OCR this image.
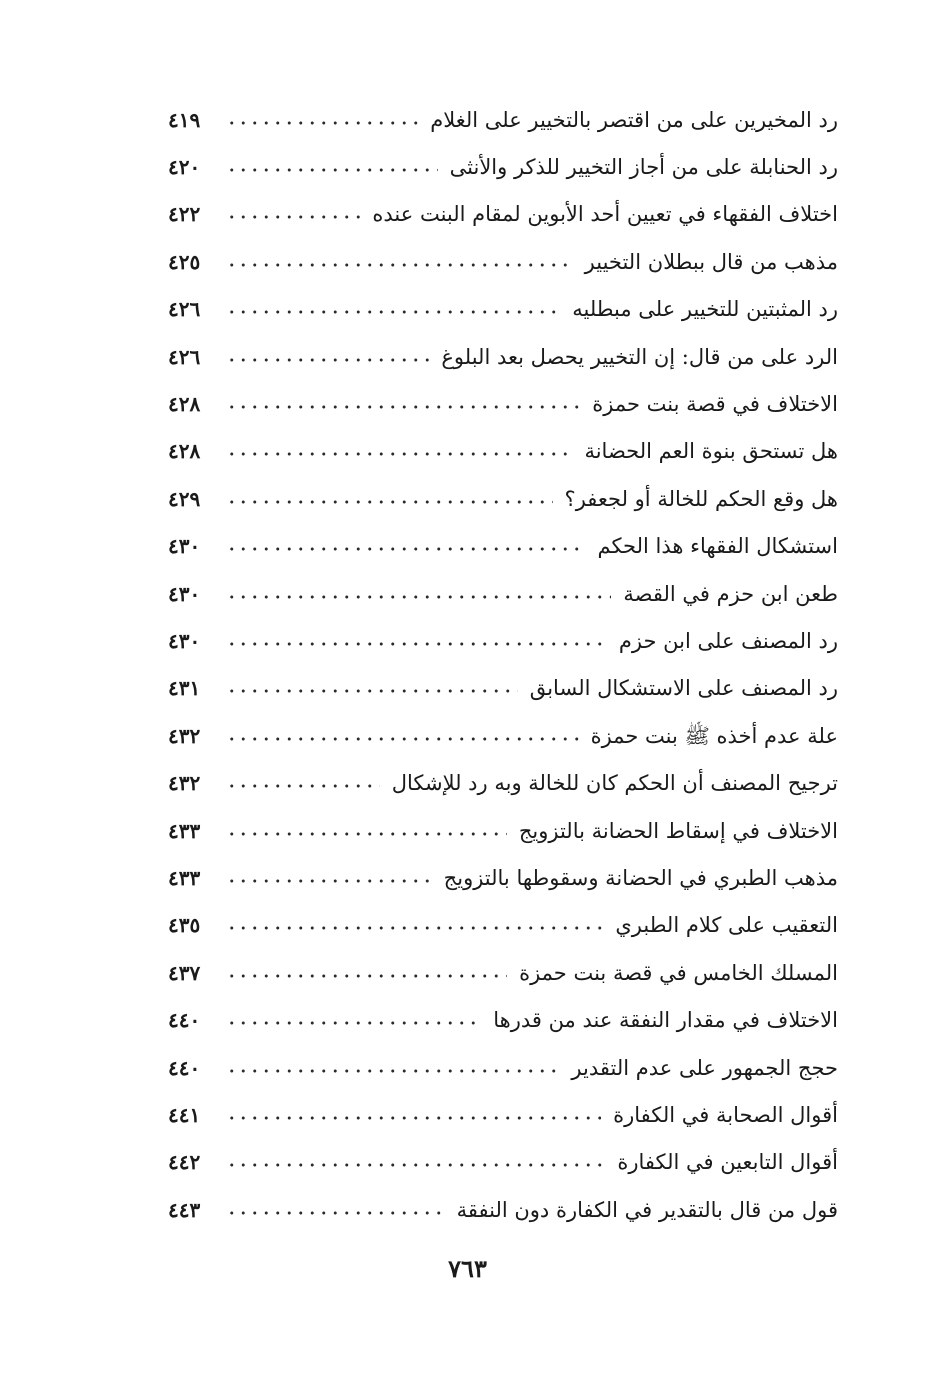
رد المخيرين على من اقتصر بالتخيير على الغلام
٤١٩
رد الحنابلة على من أجاز التخيير للذكر والأنثى
٤٢٠
اختلاف الفقهاء في تعيين أحد الأبوين لمقام البنت عنده
٤٢٢
مذهب من قال ببطلان التخيير
٤٢٥
رد المثبتين للتخيير على مبطليه
٤٢٦
الرد على من قال: إن التخيير يحصل بعد البلوغ
٤٢٦
الاختلاف في قصة بنت حمزة
٤٢٨
هل تستحق بنوة العم الحضانة
٤٢٨
هل وقع الحكم للخالة أو لجعفر؟
٤٢٩
استشكال الفقهاء هذا الحكم
٤٣٠
طعن ابن حزم في القصة
٤٣٠
رد المصنف على ابن حزم
٤٣٠
رد المصنف على الاستشكال السابق
٤٣١
علة عدم أخذه ﷺ بنت حمزة
٤٣٢
ترجيح المصنف أن الحكم كان للخالة وبه رد للإشكال
٤٣٢
الاختلاف في إسقاط الحضانة بالتزويج
٤٣٣
مذهب الطبري في الحضانة وسقوطها بالتزويج
٤٣٣
التعقيب على كلام الطبري
٤٣٥
المسلك الخامس في قصة بنت حمزة
٤٣٧
الاختلاف في مقدار النفقة عند من قدرها
٤٤٠
حجج الجمهور على عدم التقدير
٤٤٠
أقوال الصحابة في الكفارة
٤٤١
أقوال التابعين في الكفارة
٤٤٢
قول من قال بالتقدير في الكفارة دون النفقة
٤٤٣
٧٦٣
